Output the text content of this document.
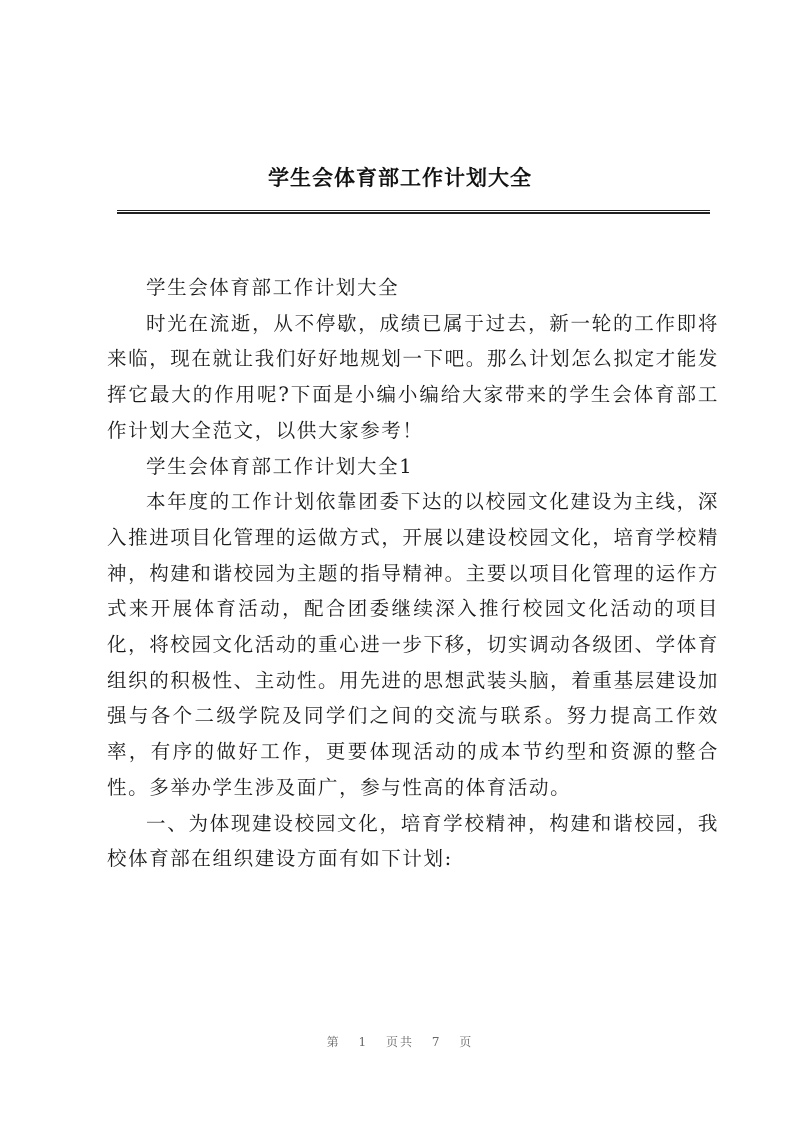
学生会体育部工作计划大全

学生会体育部工作计划大全

时光在流逝，从不停歇，成绩已属于过去，新一轮的工作即将来临，现在就让我们好好地规划一下吧。那么计划怎么拟定才能发挥它最大的作用呢?下面是小编小编给大家带来的学生会体育部工作计划大全范文，以供大家参考！

学生会体育部工作计划大全1

本年度的工作计划依靠团委下达的以校园文化建设为主线，深入推进项目化管理的运做方式，开展以建设校园文化，培育学校精神，构建和谐校园为主题的指导精神。主要以项目化管理的运作方式来开展体育活动，配合团委继续深入推行校园文化活动的项目化，将校园文化活动的重心进一步下移，切实调动各级团、学体育组织的积极性、主动性。用先进的思想武装头脑，着重基层建设加强与各个二级学院及同学们之间的交流与联系。努力提高工作效率，有序的做好工作，更要体现活动的成本节约型和资源的整合性。多举办学生涉及面广，参与性高的体育活动。

一、为体现建设校园文化，培育学校精神，构建和谐校园，我校体育部在组织建设方面有如下计划:

第 1 页共 7 页
